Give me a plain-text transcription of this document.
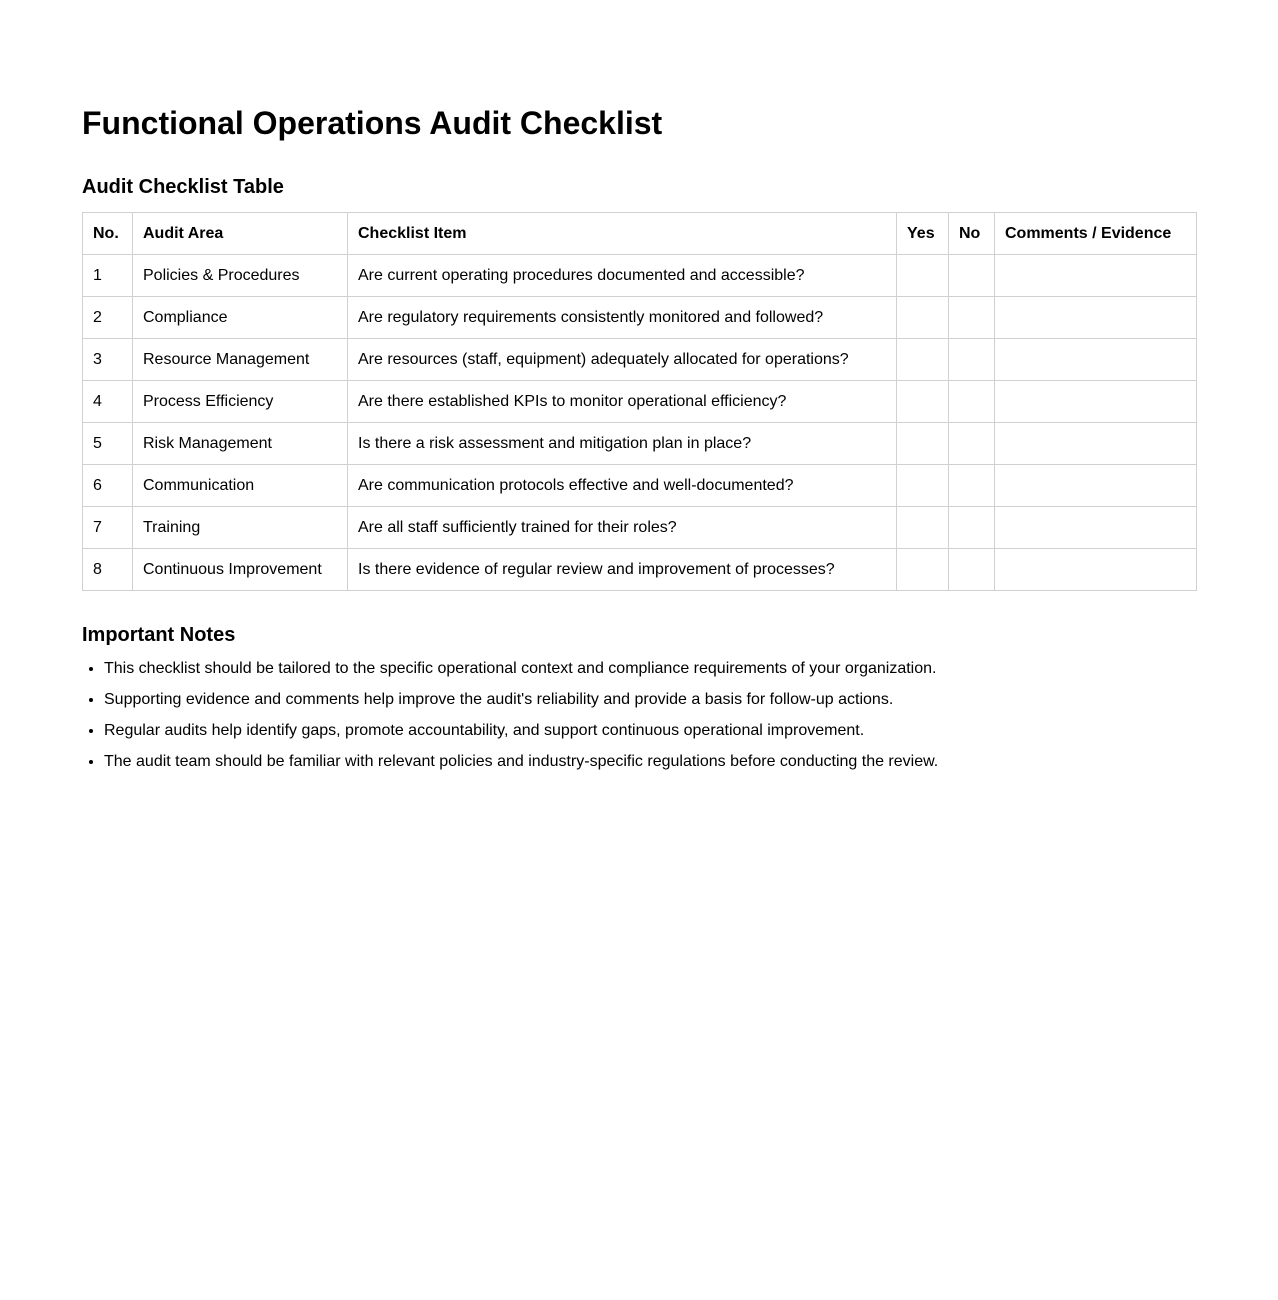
Functional Operations Audit Checklist
Audit Checklist Table
No.	Audit Area	Checklist Item	Yes	No	Comments / Evidence
1	Policies & Procedures	Are current operating procedures documented and accessible?			
2	Compliance	Are regulatory requirements consistently monitored and followed?			
3	Resource Management	Are resources (staff, equipment) adequately allocated for operations?			
4	Process Efficiency	Are there established KPIs to monitor operational efficiency?			
5	Risk Management	Is there a risk assessment and mitigation plan in place?			
6	Communication	Are communication protocols effective and well-documented?			
7	Training	Are all staff sufficiently trained for their roles?			
8	Continuous Improvement	Is there evidence of regular review and improvement of processes?			
Important Notes
• This checklist should be tailored to the specific operational context and compliance requirements of your organization.
• Supporting evidence and comments help improve the audit's reliability and provide a basis for follow-up actions.
• Regular audits help identify gaps, promote accountability, and support continuous operational improvement.
• The audit team should be familiar with relevant policies and industry-specific regulations before conducting the review.
